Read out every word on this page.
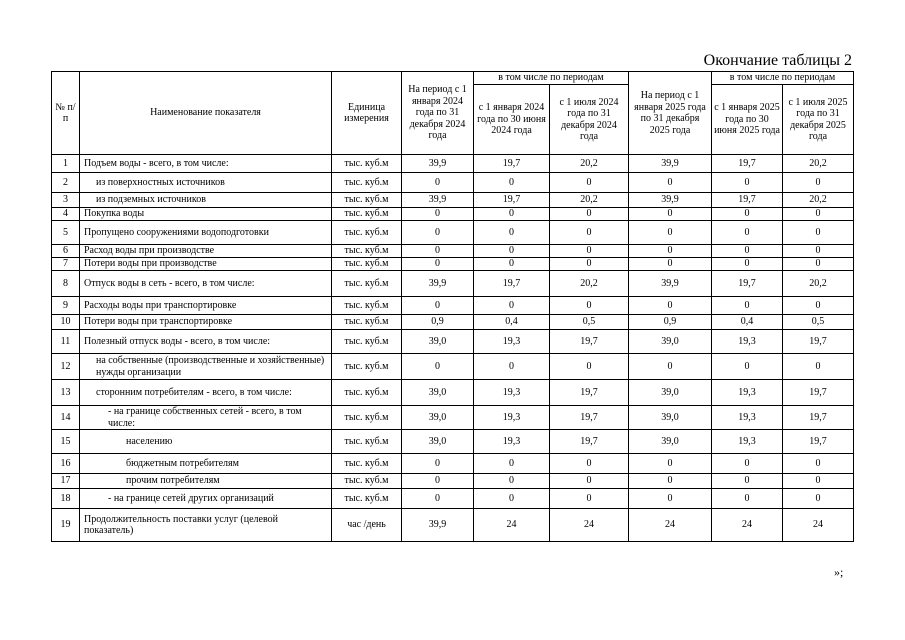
Окончание таблицы 2
№ п/п	Наименование показателя	Единица измерения	На период с 1 января 2024 года по 31 декабря 2024 года	в том числе по периодам		На период с 1 января 2025 года по 31 декабря 2025 года	в том числе по периодам	
				с 1 января 2024 года по 30 июня 2024 года	с 1 июля 2024 года по 31 декабря 2024 года		с 1 января 2025 года по 30 июня 2025 года	с 1 июля 2025 года по 31 декабря 2025 года
1	Подъем воды - всего, в том числе:	тыс. куб.м	39,9	19,7	20,2	39,9	19,7	20,2
2	из поверхностных источников	тыс. куб.м	0	0	0	0	0	0
3	из подземных источников	тыс. куб.м	39,9	19,7	20,2	39,9	19,7	20,2
4	Покупка воды	тыс. куб.м	0	0	0	0	0	0
5	Пропущено сооружениями водоподготовки	тыс. куб.м	0	0	0	0	0	0
6	Расход воды при производстве	тыс. куб.м	0	0	0	0	0	0
7	Потери воды при производстве	тыс. куб.м	0	0	0	0	0	0
8	Отпуск воды в сеть - всего, в том числе:	тыс. куб.м	39,9	19,7	20,2	39,9	19,7	20,2
9	Расходы воды при транспортировке	тыс. куб.м	0	0	0	0	0	0
10	Потери воды при транспортировке	тыс. куб.м	0,9	0,4	0,5	0,9	0,4	0,5
11	Полезный отпуск воды - всего, в том числе:	тыс. куб.м	39,0	19,3	19,7	39,0	19,3	19,7
12	на собственные (производственные и хозяйственные) нужды организации	тыс. куб.м	0	0	0	0	0	0
13	сторонним потребителям - всего, в том числе:	тыс. куб.м	39,0	19,3	19,7	39,0	19,3	19,7
14	- на границе собственных сетей - всего, в том числе:	тыс. куб.м	39,0	19,3	19,7	39,0	19,3	19,7
15	населению	тыс. куб.м	39,0	19,3	19,7	39,0	19,3	19,7
16	бюджетным потребителям	тыс. куб.м	0	0	0	0	0	0
17	прочим потребителям	тыс. куб.м	0	0	0	0	0	0
18	- на границе сетей других организаций	тыс. куб.м	0	0	0	0	0	0
19	Продолжительность поставки услуг (целевой показатель)	час /день	39,9	24	24	24	24	24
»;
